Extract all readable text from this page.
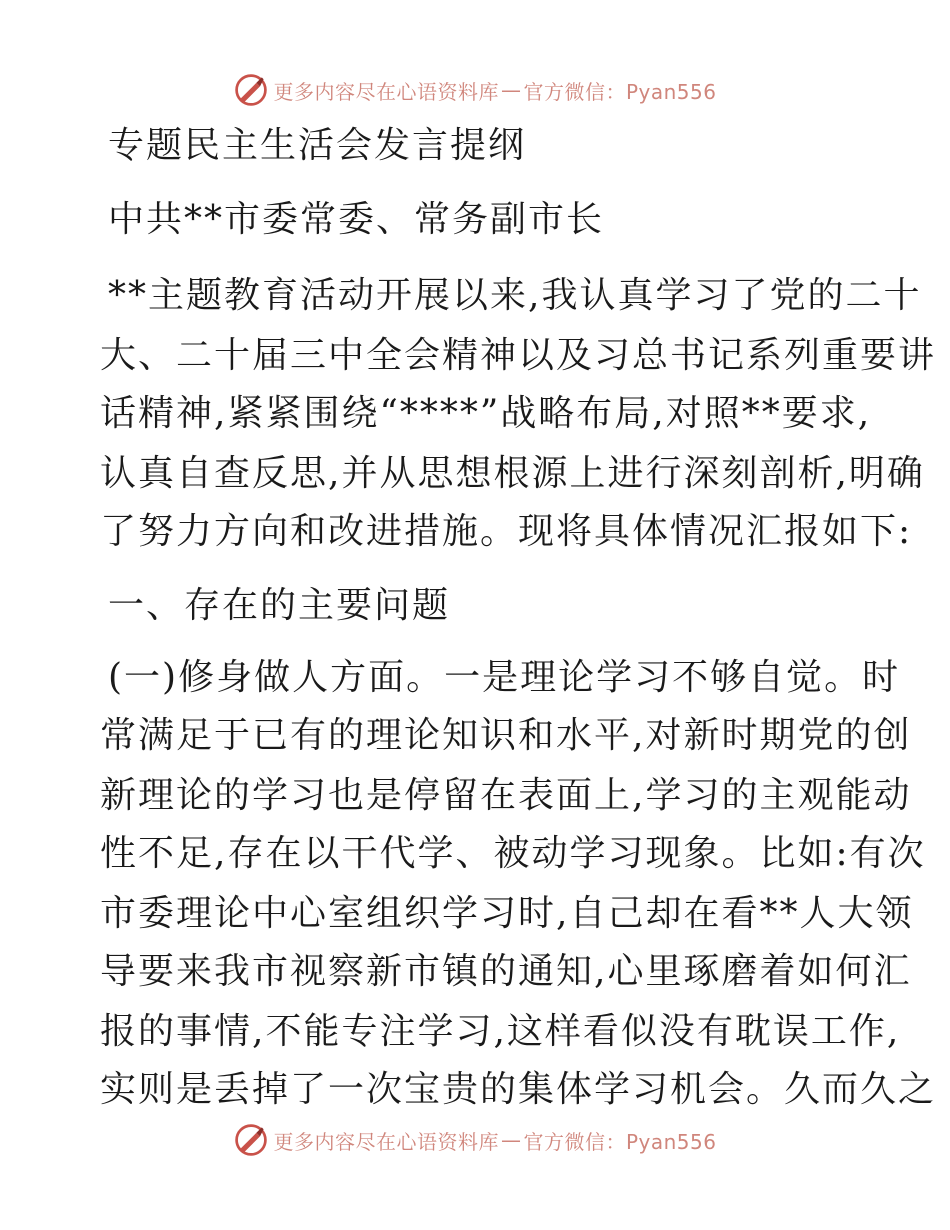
更多内容尽在心语资料库 — 官方微信：Pyan556
专题民主生活会发言提纲
中共**市委常委、常务副市长
**主题教育活动开展以来,我认真学习了党的二十
大、二十届三中全会精神以及习总书记系列重要讲
话精神,紧紧围绕“****”战略布局,对照**要求,
认真自查反思,并从思想根源上进行深刻剖析,明确
了努力方向和改进措施。现将具体情况汇报如下:
一、存在的主要问题
(一)修身做人方面。一是理论学习不够自觉。时
常满足于已有的理论知识和水平,对新时期党的创
新理论的学习也是停留在表面上,学习的主观能动
性不足,存在以干代学、被动学习现象。比如:有次
市委理论中心室组织学习时,自己却在看**人大领
导要来我市视察新市镇的通知,心里琢磨着如何汇
报的事情,不能专注学习,这样看似没有耽误工作,
实则是丢掉了一次宝贵的集体学习机会。久而久之
更多内容尽在心语资料库 — 官方微信：Pyan556
